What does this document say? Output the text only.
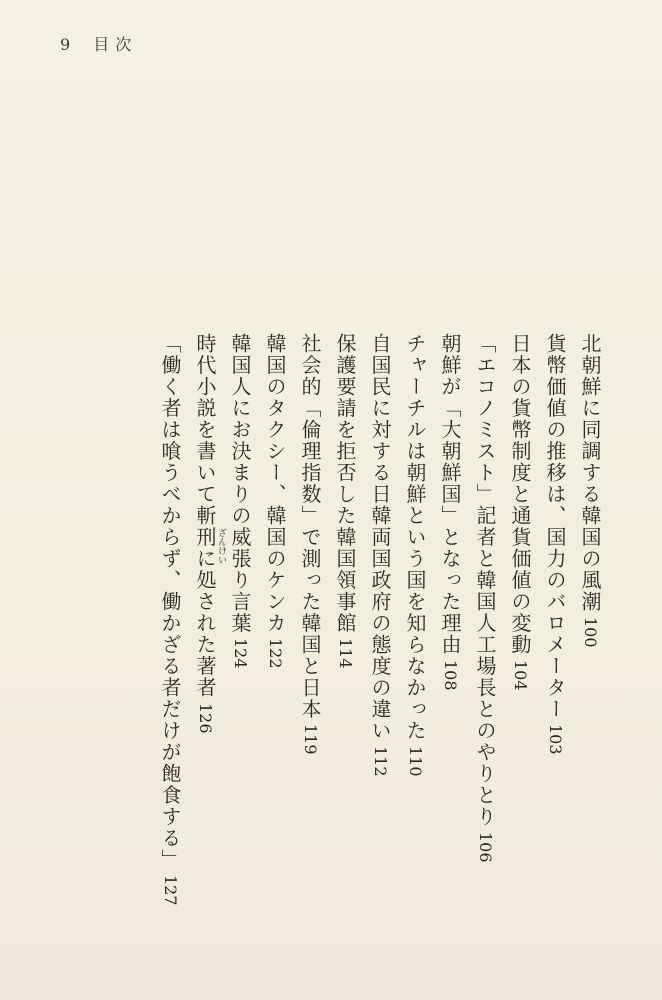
9 目次
北朝鮮に同調する韓国の風潮100
貨幣価値の推移は、国力のバロメーター103
日本の貨幣制度と通貨価値の変動104
「エコノミスト」記者と韓国人工場長とのやりとり106
朝鮮が「大朝鮮国」となった理由108
チャーチルは朝鮮という国を知らなかった110
自国民に対する日韓両国政府の態度の違い112
保護要請を拒否した韓国領事館114
社会的「倫理指数」で測った韓国と日本119
韓国のタクシー、韓国のケンカ122
韓国人にお決まりの威張り言葉124
時代小説を書いて斬刑に処された著者126
ざんけい
「働く者は喰うべからず、働かざる者だけが飽食する」127
